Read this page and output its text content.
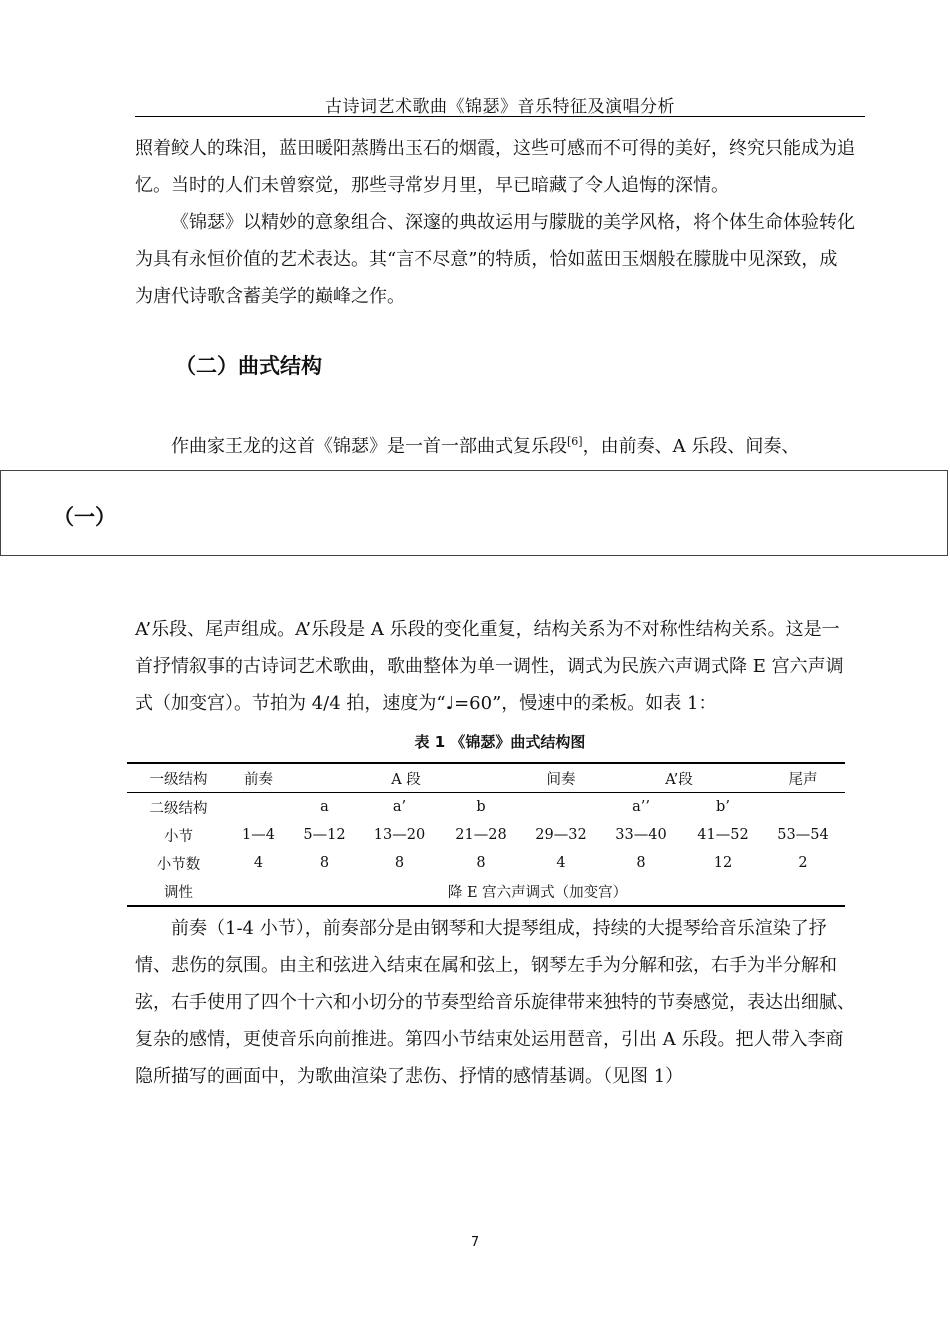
古诗词艺术歌曲《锦瑟》音乐特征及演唱分析

照着鲛人的珠泪，蓝田暖阳蒸腾出玉石的烟霞，这些可感而不可得的美好，终究只能成为追忆。当时的人们未曾察觉，那些寻常岁月里，早已暗藏了令人追悔的深情。

《锦瑟》以精妙的意象组合、深邃的典故运用与朦胧的美学风格，将个体生命体验转化为具有永恒价值的艺术表达。其“言不尽意”的特质，恰如蓝田玉烟般在朦胧中见深致，成为唐代诗歌含蓄美学的巅峰之作。

（二）曲式结构

作曲家王龙的这首《锦瑟》是一首一部曲式复乐段[6]，由前奏、A 乐段、间奏、

（一）

A’乐段、尾声组成。A’乐段是 A 乐段的变化重复，结构关系为不对称性结构关系。这是一首抒情叙事的古诗词艺术歌曲，歌曲整体为单一调性，调式为民族六声调式降 E 宫六声调式（加变宫）。节拍为 4/4 拍，速度为“♩=60”，慢速中的柔板。如表 1：

表 1 《锦瑟》曲式结构图
一级结构	前奏	A 段			间奏	A’段		尾声
二级结构		a	a’	b		a’’	b’	
小节	1—4	5—12	13—20	21—28	29—32	33—40	41—52	53—54
小节数	4	8	8	8	4	8	12	2
调性	降 E 宫六声调式（加变宫）							

前奏（1-4 小节），前奏部分是由钢琴和大提琴组成，持续的大提琴给音乐渲染了抒情、悲伤的氛围。由主和弦进入结束在属和弦上，钢琴左手为分解和弦，右手为半分解和弦，右手使用了四个十六和小切分的节奏型给音乐旋律带来独特的节奏感觉，表达出细腻、复杂的感情，更使音乐向前推进。第四小节结束处运用琶音，引出 A 乐段。把人带入李商隐所描写的画面中，为歌曲渲染了悲伤、抒情的感情基调。（见图 1）

7
